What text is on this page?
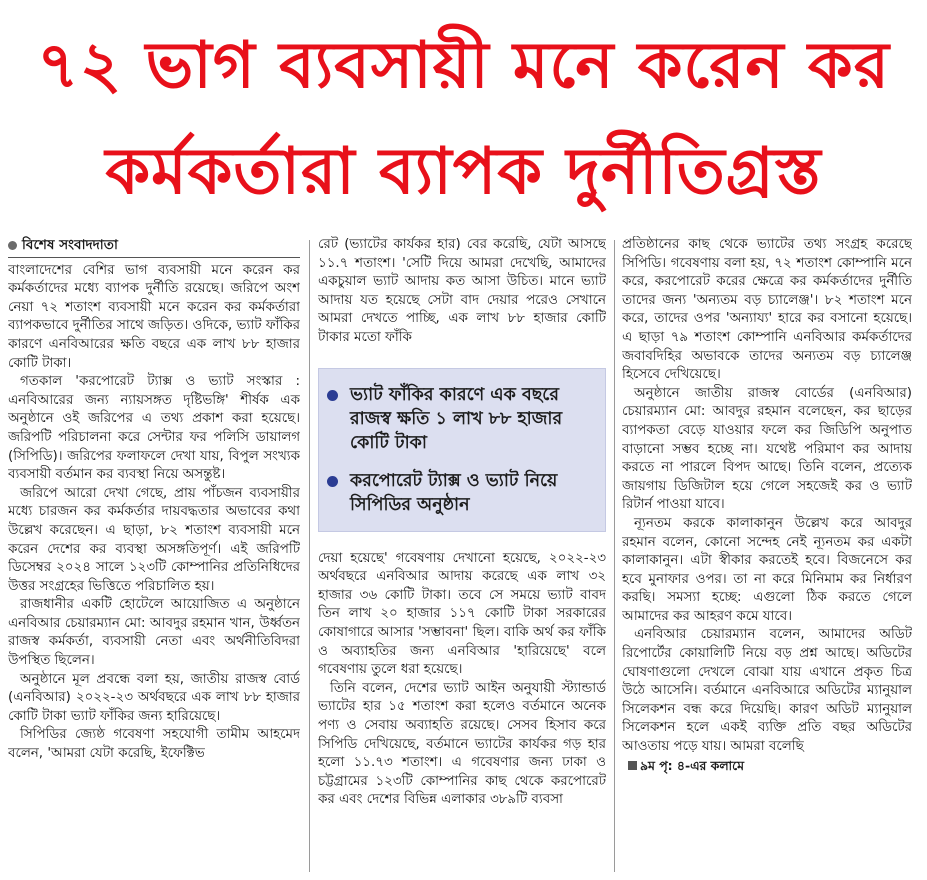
৭২ ভাগ ব্যবসায়ী মনে করেন কর
কর্মকর্তারা ব্যাপক দুর্নীতিগ্রস্ত
বিশেষ সংবাদদাতা

বাংলাদেশের বেশির ভাগ ব্যবসায়ী মনে করেন কর কর্মকর্তাদের মধ্যে ব্যাপক দুর্নীতি রয়েছে। জরিপে অংশ নেয়া ৭২ শতাংশ ব্যবসায়ী মনে করেন কর কর্মকর্তারা ব্যাপকভাবে দুর্নীতির সাথে জড়িত। ওদিকে, ভ্যাট ফাঁকির কারণে এনবিআরের ক্ষতি বছরে এক লাখ ৮৮ হাজার কোটি টাকা।

গতকাল 'করপোরেট ট্যাক্স ও ভ্যাট সংস্কার : এনবিআরের জন্য ন্যায়সঙ্গত দৃষ্টিভঙ্গি' শীর্ষক এক অনুষ্ঠানে ওই জরিপের এ তথ্য প্রকাশ করা হয়েছে। জরিপটি পরিচালনা করে সেন্টার ফর পলিসি ডায়ালগ (সিপিডি)। জরিপের ফলাফলে দেখা যায়, বিপুল সংখ্যক ব্যবসায়ী বর্তমান কর ব্যবস্থা নিয়ে অসন্তুষ্ট।

জরিপে আরো দেখা গেছে, প্রায় পাঁচজন ব্যবসায়ীর মধ্যে চারজন কর কর্মকর্তার দায়বদ্ধতার অভাবের কথা উল্লেখ করেছেন। এ ছাড়া, ৮২ শতাংশ ব্যবসায়ী মনে করেন দেশের কর ব্যবস্থা অসঙ্গতিপূর্ণ। এই জরিপটি ডিসেম্বর ২০২৪ সালে ১২৩টি কোম্পানির প্রতিনিধিদের উত্তর সংগ্রহের ভিত্তিতে পরিচালিত হয়।

রাজধানীর একটি হোটেলে আয়োজিত এ অনুষ্ঠানে এনবিআর চেয়ারম্যান মো: আবদুর রহমান খান, উর্ধ্বতন রাজস্ব কর্মকর্তা, ব্যবসায়ী নেতা এবং অর্থনীতিবিদরা উপস্থিত ছিলেন।

অনুষ্ঠানে মূল প্রবন্ধে বলা হয়, জাতীয় রাজস্ব বোর্ড (এনবিআর) ২০২২-২৩ অর্থবছরে এক লাখ ৮৮ হাজার কোটি টাকা ভ্যাট ফাঁকির জন্য হারিয়েছে।

সিপিডির জ্যেষ্ঠ গবেষণা সহযোগী তামীম আহমেদ বলেন, 'আমরা যেটা করেছি, ইফেক্টিভ

রেট (ভ্যাটের কার্যকর হার) বের করেছি, যেটা আসছে ১১.৭ শতাংশ। 'সেটি দিয়ে আমরা দেখেছি, আমাদের একচুয়াল ভ্যাট আদায় কত আসা উচিত। মানে ভ্যাট আদায় যত হয়েছে সেটা বাদ দেয়ার পরেও সেখানে আমরা দেখতে পাচ্ছি, এক লাখ ৮৮ হাজার কোটি টাকার মতো ফাঁকি

ভ্যাট ফাঁকির কারণে এক বছরে রাজস্ব ক্ষতি ১ লাখ ৮৮ হাজার কোটি টাকা
করপোরেট ট্যাক্স ও ভ্যাট নিয়ে সিপিডির অনুষ্ঠান

দেয়া হয়েছে' গবেষণায় দেখানো হয়েছে, ২০২২-২৩ অর্থবছরে এনবিআর আদায় করেছে এক লাখ ৩২ হাজার ৩৬ কোটি টাকা। তবে সে সময়ে ভ্যাট বাবদ তিন লাখ ২০ হাজার ১১৭ কোটি টাকা সরকারের কোষাগারে আসার 'সম্ভাবনা' ছিল। বাকি অর্থ কর ফাঁকি ও অব্যাহতির জন্য এনবিআর 'হারিয়েছে' বলে গবেষণায় তুলে ধরা হয়েছে।

তিনি বলেন, দেশের ভ্যাট আইন অনুযায়ী স্ট্যান্ডার্ড ভ্যাটের হার ১৫ শতাংশ করা হলেও বর্তমানে অনেক পণ্য ও সেবায় অব্যাহতি রয়েছে। সেসব হিসাব করে সিপিডি দেখিয়েছে, বর্তমানে ভ্যাটের কার্যকর গড় হার হলো ১১.৭৩ শতাংশ। এ গবেষণার জন্য ঢাকা ও চট্টগ্রামের ১২৩টি কোম্পানির কাছ থেকে করপোরেট কর এবং দেশের বিভিন্ন এলাকার ৩৮৯টি ব্যবসা

প্রতিষ্ঠানের কাছ থেকে ভ্যাটের তথ্য সংগ্রহ করেছে সিপিডি। গবেষণায় বলা হয়, ৭২ শতাংশ কোম্পানি মনে করে, করপোরেট করের ক্ষেত্রে কর কর্মকর্তাদের দুর্নীতি তাদের জন্য 'অন্যতম বড় চ্যালেঞ্জ'। ৮২ শতাংশ মনে করে, তাদের ওপর 'অন্যায্য' হারে কর বসানো হয়েছে। এ ছাড়া ৭৯ শতাংশ কোম্পানি এনবিআর কর্মকর্তাদের জবাবদিহির অভাবকে তাদের অন্যতম বড় চ্যালেঞ্জ হিসেবে দেখিয়েছে।

অনুষ্ঠানে জাতীয় রাজস্ব বোর্ডের (এনবিআর) চেয়ারম্যান মো: আবদুর রহমান বলেছেন, কর ছাড়ের ব্যাপকতা বেড়ে যাওয়ার ফলে কর জিডিপি অনুপাত বাড়ানো সম্ভব হচ্ছে না। যথেষ্ট পরিমাণ কর আদায় করতে না পারলে বিপদ আছে। তিনি বলেন, প্রত্যেক জায়গায় ডিজিটাল হয়ে গেলে সহজেই কর ও ভ্যাট রিটার্ন পাওয়া যাবে।

ন্যূনতম করকে কালাকানুন উল্লেখ করে আবদুর রহমান বলেন, কোনো সন্দেহ নেই ন্যূনতম কর একটা কালাকানুন। এটা স্বীকার করতেই হবে। বিজনেসে কর হবে মুনাফার ওপর। তা না করে মিনিমাম কর নির্ধারণ করছি। সমস্যা হচ্ছে: এগুলো ঠিক করতে গেলে আমাদের কর আহরণ কমে যাবে।

এনবিআর চেয়ারম্যান বলেন, আমাদের অডিট রিপোর্টের কোয়ালিটি নিয়ে বড় প্রশ্ন আছে। অডিটের ঘোষণাগুলো দেখলে বোঝা যায় এখানে প্রকৃত চিত্র উঠে আসেনি। বর্তমানে এনবিআরে অডিটের ম্যানুয়াল সিলেকশন বন্ধ করে দিয়েছি। কারণ অডিট ম্যানুয়াল সিলেকশন হলে একই ব্যক্তি প্রতি বছর অডিটের আওতায় পড়ে যায়। আমরা বলেছি

৯ম পৃ: ৪-এর কলামে
